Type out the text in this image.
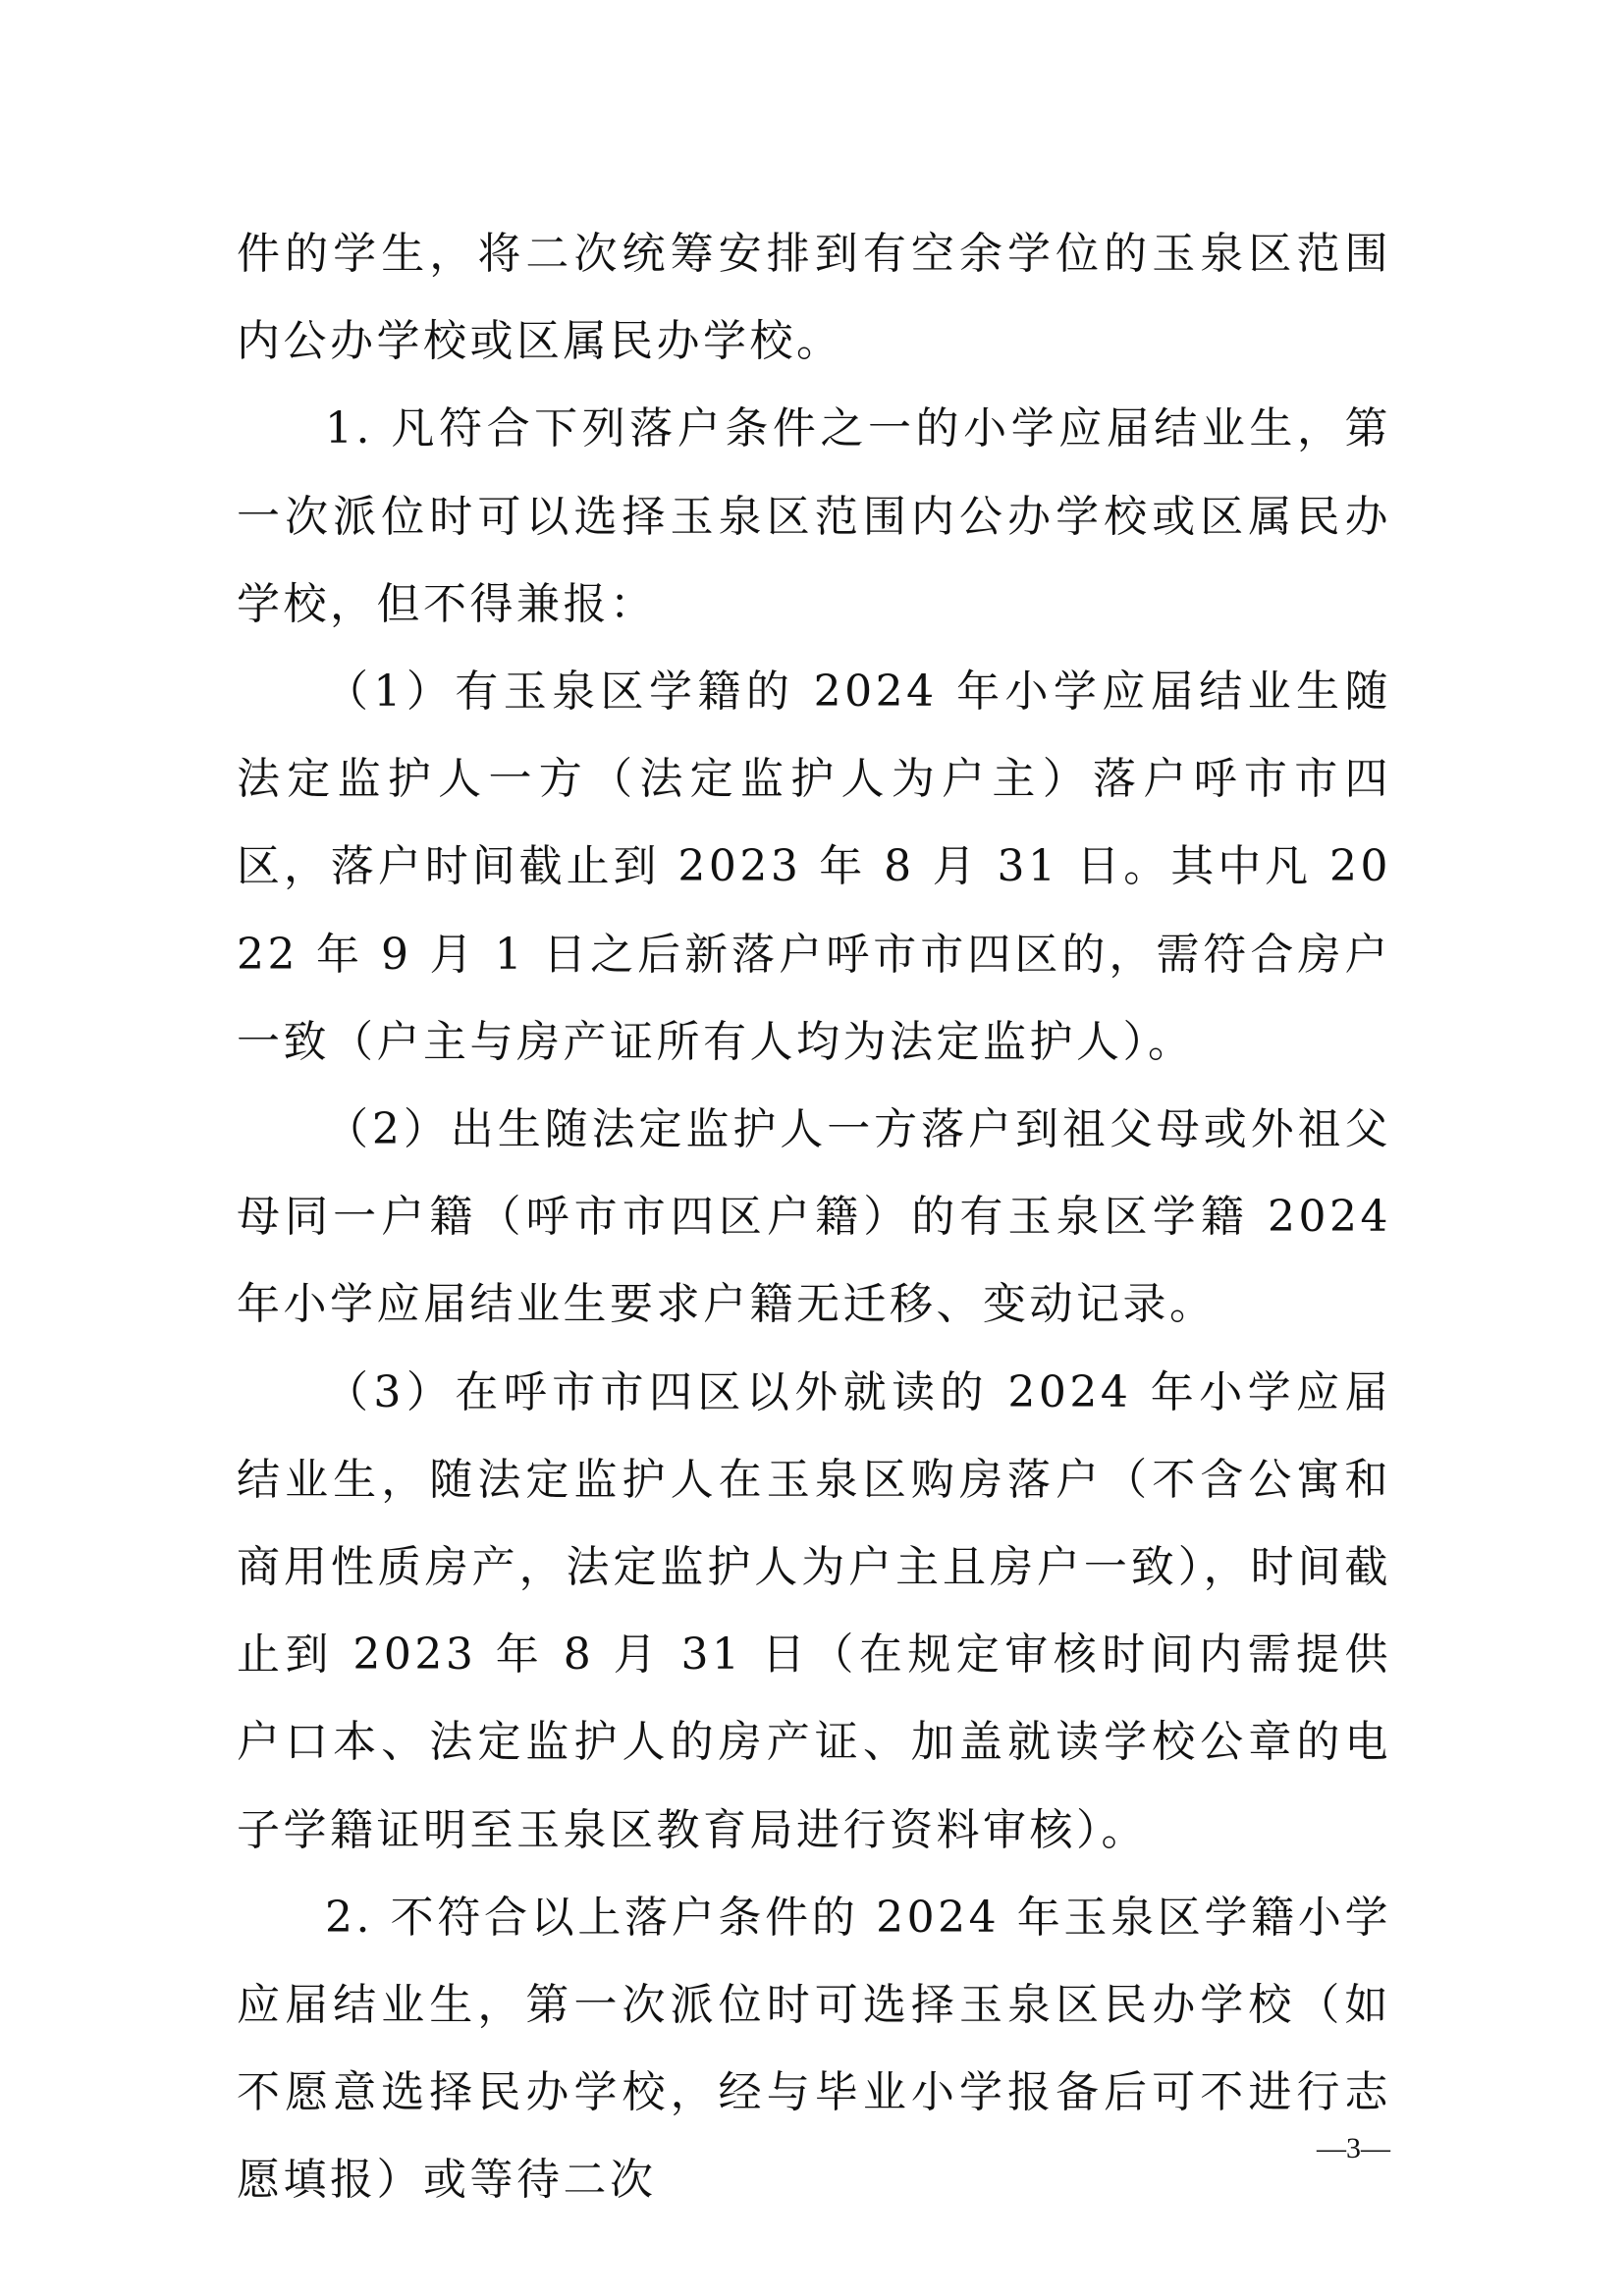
件的学生，将二次统筹安排到有空余学位的玉泉区范围内公办学校或区属民办学校。

1. 凡符合下列落户条件之一的小学应届结业生，第一次派位时可以选择玉泉区范围内公办学校或区属民办学校，但不得兼报：

（1）有玉泉区学籍的 2024 年小学应届结业生随法定监护人一方（法定监护人为户主）落户呼市市四区，落户时间截止到 2023 年 8 月 31 日。其中凡 2022 年 9 月 1 日之后新落户呼市市四区的，需符合房户一致（户主与房产证所有人均为法定监护人）。

（2）出生随法定监护人一方落户到祖父母或外祖父母同一户籍（呼市市四区户籍）的有玉泉区学籍 2024 年小学应届结业生要求户籍无迁移、变动记录。

（3）在呼市市四区以外就读的 2024 年小学应届结业生，随法定监护人在玉泉区购房落户（不含公寓和商用性质房产，法定监护人为户主且房户一致），时间截止到 2023 年 8 月 31 日（在规定审核时间内需提供户口本、法定监护人的房产证、加盖就读学校公章的电子学籍证明至玉泉区教育局进行资料审核）。

2. 不符合以上落户条件的 2024 年玉泉区学籍小学应届结业生，第一次派位时可选择玉泉区民办学校（如不愿意选择民办学校，经与毕业小学报备后可不进行志愿填报）或等待二次

—3—
